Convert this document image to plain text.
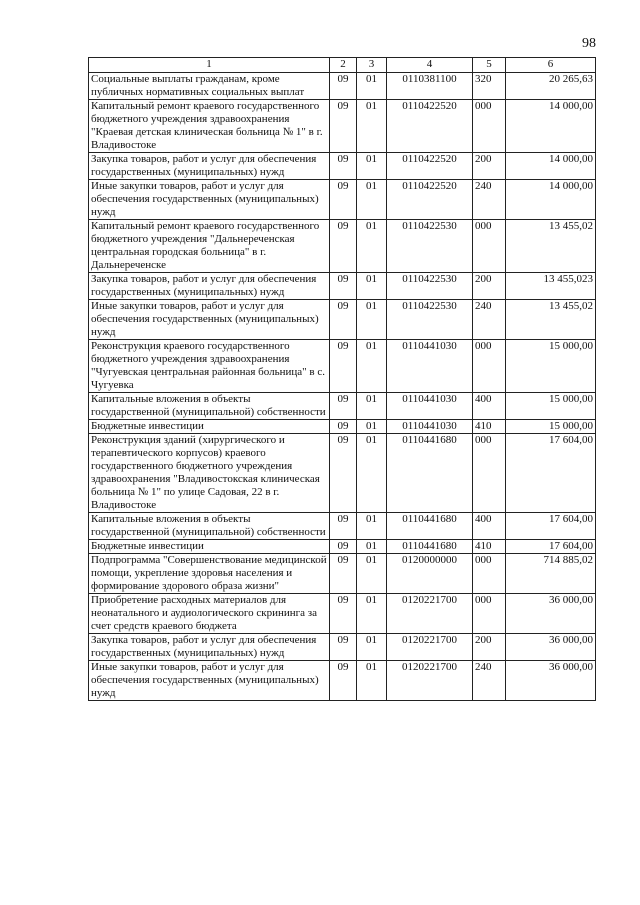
98
1	2	3	4	5	6
Социальные выплаты гражданам, кроме публичных нормативных социальных выплат	09	01	0110381100	320	20 265,63
Капитальный ремонт краевого государственного бюджетного учреждения здравоохранения "Краевая детская клиническая больница № 1" в г. Владивостоке	09	01	0110422520	000	14 000,00
Закупка товаров, работ и услуг для обеспечения государственных (муниципальных) нужд	09	01	0110422520	200	14 000,00
Иные закупки товаров, работ и услуг для обеспечения государственных (муниципальных) нужд	09	01	0110422520	240	14 000,00
Капитальный ремонт краевого государственного бюджетного учреждения "Дальнереченская центральная городская больница" в г. Дальнереченске	09	01	0110422530	000	13 455,02
Закупка товаров, работ и услуг для обеспечения государственных (муниципальных) нужд	09	01	0110422530	200	13 455,023
Иные закупки товаров, работ и услуг для обеспечения государственных (муниципальных) нужд	09	01	0110422530	240	13 455,02
Реконструкция краевого государственного бюджетного учреждения здравоохранения "Чугуевская центральная районная больница" в с. Чугуевка	09	01	0110441030	000	15 000,00
Капитальные вложения в объекты государственной (муниципальной) собственности	09	01	0110441030	400	15 000,00
Бюджетные инвестиции	09	01	0110441030	410	15 000,00
Реконструкция зданий (хирургического и терапевтического корпусов) краевого государственного бюджетного учреждения здравоохранения "Владивостокская клиническая больница № 1" по улице Садовая, 22 в г. Владивостоке	09	01	0110441680	000	17 604,00
Капитальные вложения в объекты государственной (муниципальной) собственности	09	01	0110441680	400	17 604,00
Бюджетные инвестиции	09	01	0110441680	410	17 604,00
Подпрограмма "Совершенствование медицинской помощи, укрепление здоровья населения и формирование здорового образа жизни"	09	01	0120000000	000	714 885,02
Приобретение расходных материалов для неонатального и аудиологического скрининга за счет средств краевого бюджета	09	01	0120221700	000	36 000,00
Закупка товаров, работ и услуг для обеспечения государственных (муниципальных) нужд	09	01	0120221700	200	36 000,00
Иные закупки товаров, работ и услуг для обеспечения государственных (муниципальных) нужд	09	01	0120221700	240	36 000,00
